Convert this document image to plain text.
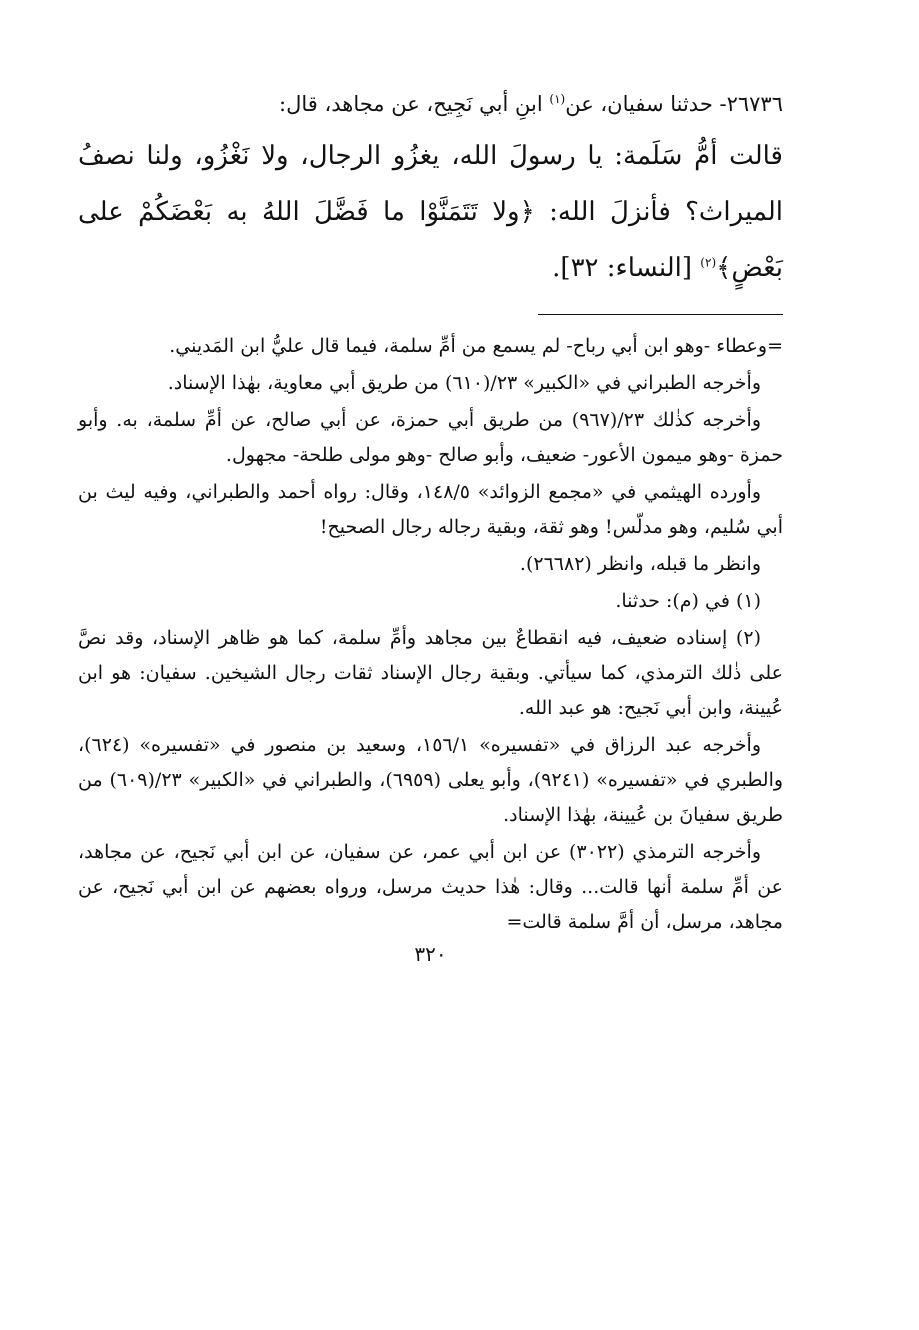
٢٦٧٣٦- حدثنا سفيان، عن$^{(١)}$ ابنِ أبي نَجِيح، عن مجاهد، قال:
قالت أمُّ سَلَمة: يا رسولَ الله، يغزُو الرجال، ولا نَغْزُو، ولنا نصفُ الميراث؟ فأنزلَ الله: ﴿ولا تَتَمَنَّوْا ما فَضَّلَ اللهُ به بَعْضَكُمْ على بَعْضٍ﴾$^{(٢)}$ [النساء: ٣٢].

=وعطاء -وهو ابن أبي رباح- لم يسمع من أمِّ سلمة، فيما قال عليُّ ابن المَديني.

وأخرجه الطبراني في «الكبير» ٢٣/(٦١٠) من طريق أبي معاوية، بهٰذا الإسناد.

وأخرجه كذٰلك ٢٣/(٩٦٧) من طريق أبي حمزة، عن أبي صالح، عن أمِّ سلمة، به. وأبو حمزة -وهو ميمون الأعور- ضعيف، وأبو صالح -وهو مولى طلحة- مجهول.

وأورده الهيثمي في «مجمع الزوائد» ١٤٨/٥، وقال: رواه أحمد والطبراني، وفيه ليث بن أبي سُليم، وهو مدلّس! وهو ثقة، وبقية رجاله رجال الصحيح!

وانظر ما قبله، وانظر (٢٦٦٨٢).

(١) في (م): حدثنا.

(٢) إسناده ضعيف، فيه انقطاعٌ بين مجاهد وأمِّ سلمة، كما هو ظاهر الإسناد، وقد نصَّ على ذٰلك الترمذي، كما سيأتي. وبقية رجال الإسناد ثقات رجال الشيخين. سفيان: هو ابن عُيينة، وابن أبي نَجيح: هو عبد الله.

وأخرجه عبد الرزاق في «تفسيره» ١٥٦/١، وسعيد بن منصور في «تفسيره» (٦٢٤)، والطبري في «تفسيره» (٩٢٤١)، وأبو يعلى (٦٩٥٩)، والطبراني في «الكبير» ٢٣/(٦٠٩) من طريق سفيانَ بن عُيينة، بهٰذا الإسناد.

وأخرجه الترمذي (٣٠٢٢) عن ابن أبي عمر، عن سفيان، عن ابن أبي نَجيح، عن مجاهد، عن أمِّ سلمة أنها قالت... وقال: هٰذا حديث مرسل، ورواه بعضهم عن ابن أبي نَجيح، عن مجاهد، مرسل، أن أمَّ سلمة قالت=

٣٢٠
